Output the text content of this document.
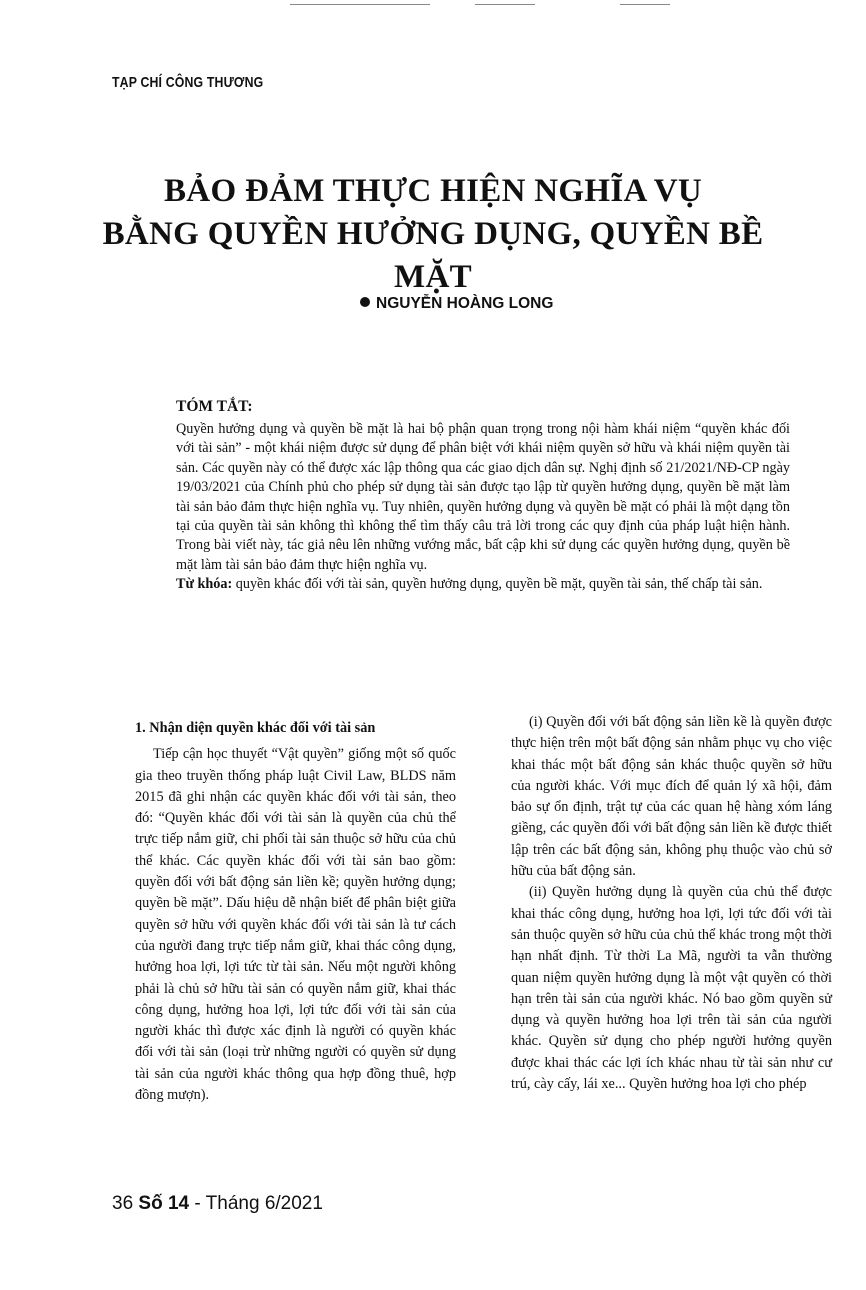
TẠP CHÍ CÔNG THƯƠNG
BẢO ĐẢM THỰC HIỆN NGHĨA VỤ
BẰNG QUYỀN HƯỞNG DỤNG, QUYỀN BỀ MẶT
NGUYỄN HOÀNG LONG
TÓM TẮT:

Quyền hưởng dụng và quyền bề mặt là hai bộ phận quan trọng trong nội hàm khái niệm “quyền khác đối với tài sản” - một khái niệm được sử dụng để phân biệt với khái niệm quyền sở hữu và khái niệm quyền tài sản. Các quyền này có thể được xác lập thông qua các giao dịch dân sự. Nghị định số 21/2021/NĐ-CP ngày 19/03/2021 của Chính phủ cho phép sử dụng tài sản được tạo lập từ quyền hưởng dụng, quyền bề mặt làm tài sản bảo đảm thực hiện nghĩa vụ. Tuy nhiên, quyền hưởng dụng và quyền bề mặt có phải là một dạng tồn tại của quyền tài sản không thì không thể tìm thấy câu trả lời trong các quy định của pháp luật hiện hành. Trong bài viết này, tác giả nêu lên những vướng mắc, bất cập khi sử dụng các quyền hưởng dụng, quyền bề mặt làm tài sản bảo đảm thực hiện nghĩa vụ.

Từ khóa: quyền khác đối với tài sản, quyền hưởng dụng, quyền bề mặt, quyền tài sản, thế chấp tài sản.

1. Nhận diện quyền khác đối với tài sản

Tiếp cận học thuyết “Vật quyền” giống một số quốc gia theo truyền thống pháp luật Civil Law, BLDS năm 2015 đã ghi nhận các quyền khác đối với tài sản, theo đó: “Quyền khác đối với tài sản là quyền của chủ thể trực tiếp nắm giữ, chi phối tài sản thuộc sở hữu của chủ thể khác. Các quyền khác đối với tài sản bao gồm: quyền đối với bất động sản liền kề; quyền hưởng dụng; quyền bề mặt”. Dấu hiệu dễ nhận biết để phân biệt giữa quyền sở hữu với quyền khác đối với tài sản là tư cách của người đang trực tiếp nắm giữ, khai thác công dụng, hưởng hoa lợi, lợi tức từ tài sản. Nếu một người không phải là chủ sở hữu tài sản có quyền nắm giữ, khai thác công dụng, hưởng hoa lợi, lợi tức đối với tài sản của người khác thì được xác định là người có quyền khác đối với tài sản (loại trừ những người có quyền sử dụng tài sản của người khác thông qua hợp đồng thuê, hợp đồng mượn).

(i) Quyền đối với bất động sản liền kề là quyền được thực hiện trên một bất động sản nhằm phục vụ cho việc khai thác một bất động sản khác thuộc quyền sở hữu của người khác. Với mục đích để quản lý xã hội, đảm bảo sự ổn định, trật tự của các quan hệ hàng xóm láng giềng, các quyền đối với bất động sản liền kề được thiết lập trên các bất động sản, không phụ thuộc vào chủ sở hữu của bất động sản.

(ii) Quyền hưởng dụng là quyền của chủ thể được khai thác công dụng, hưởng hoa lợi, lợi tức đối với tài sản thuộc quyền sở hữu của chủ thể khác trong một thời hạn nhất định. Từ thời La Mã, người ta vẫn thường quan niệm quyền hưởng dụng là một vật quyền có thời hạn trên tài sản của người khác. Nó bao gồm quyền sử dụng và quyền hưởng hoa lợi trên tài sản của người khác. Quyền sử dụng cho phép người hưởng quyền được khai thác các lợi ích khác nhau từ tài sản như cư trú, cày cấy, lái xe... Quyền hưởng hoa lợi cho phép

36 Số 14 - Tháng 6/2021
